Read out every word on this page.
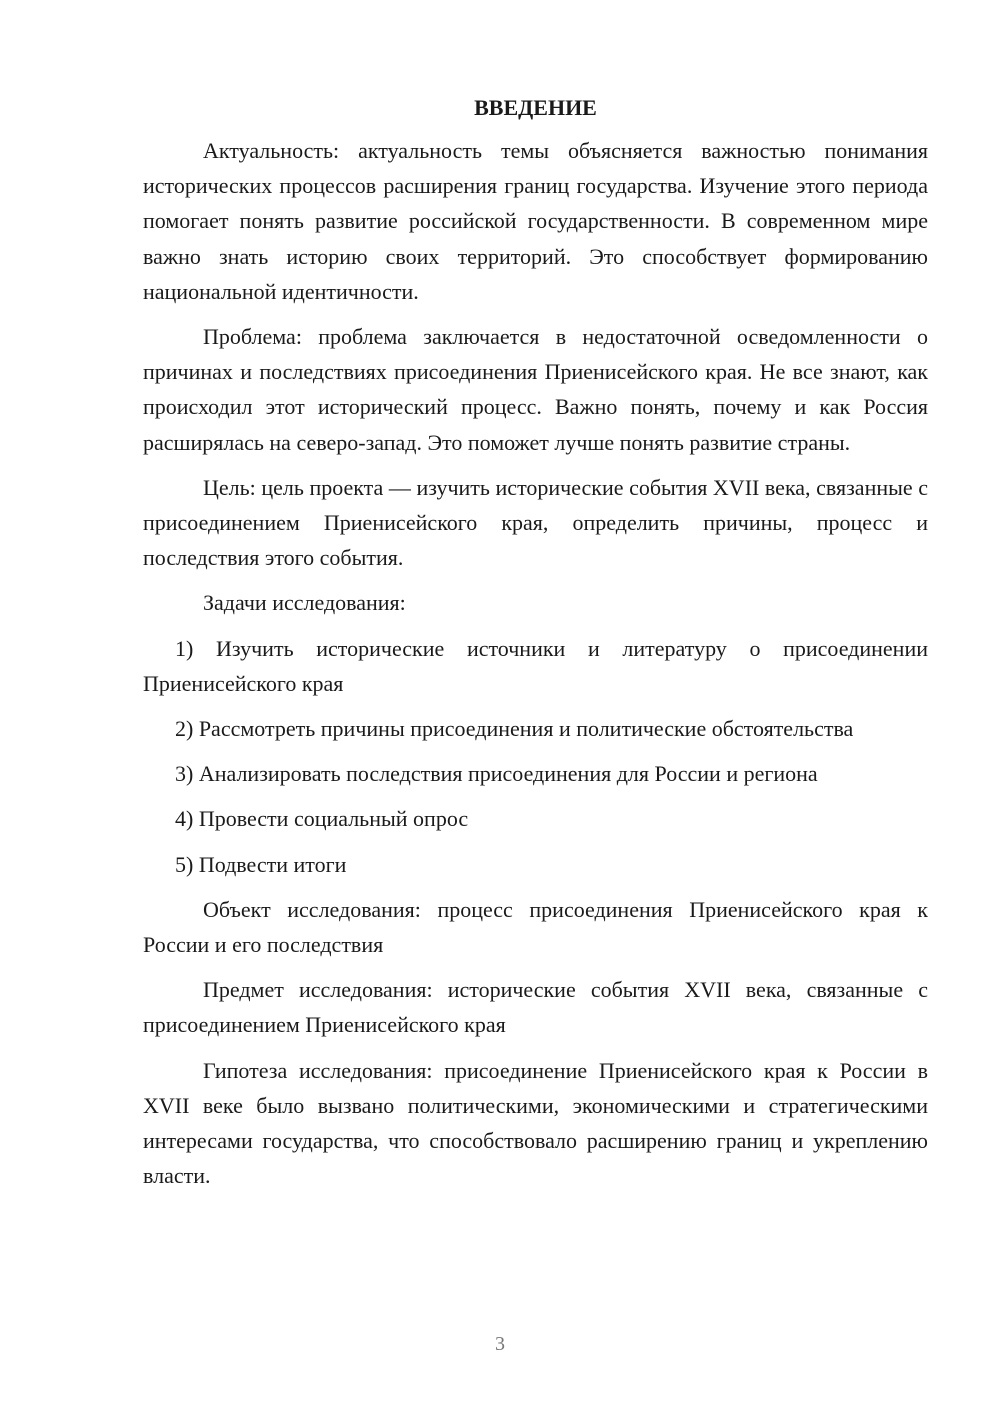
ВВЕДЕНИЕ

Актуальность: актуальность темы объясняется важностью понимания исторических процессов расширения границ государства. Изучение этого периода помогает понять развитие российской государственности. В современном мире важно знать историю своих территорий. Это способствует формированию национальной идентичности.

Проблема: проблема заключается в недостаточной осведомленности о причинах и последствиях присоединения Приенисейского края. Не все знают, как происходил этот исторический процесс. Важно понять, почему и как Россия расширялась на северо-запад. Это поможет лучше понять развитие страны.

Цель: цель проекта — изучить исторические события XVII века, связанные с присоединением Приенисейского края, определить причины, процесс и последствия этого события.

Задачи исследования:

1) Изучить исторические источники и литературу о присоединении Приенисейского края

2) Рассмотреть причины присоединения и политические обстоятельства

3) Анализировать последствия присоединения для России и региона

4) Провести социальный опрос

5) Подвести итоги

Объект исследования: процесс присоединения Приенисейского края к России и его последствия

Предмет исследования: исторические события XVII века, связанные с присоединением Приенисейского края

Гипотеза исследования: присоединение Приенисейского края к России в XVII веке было вызвано политическими, экономическими и стратегическими интересами государства, что способствовало расширению границ и укреплению власти.

3
